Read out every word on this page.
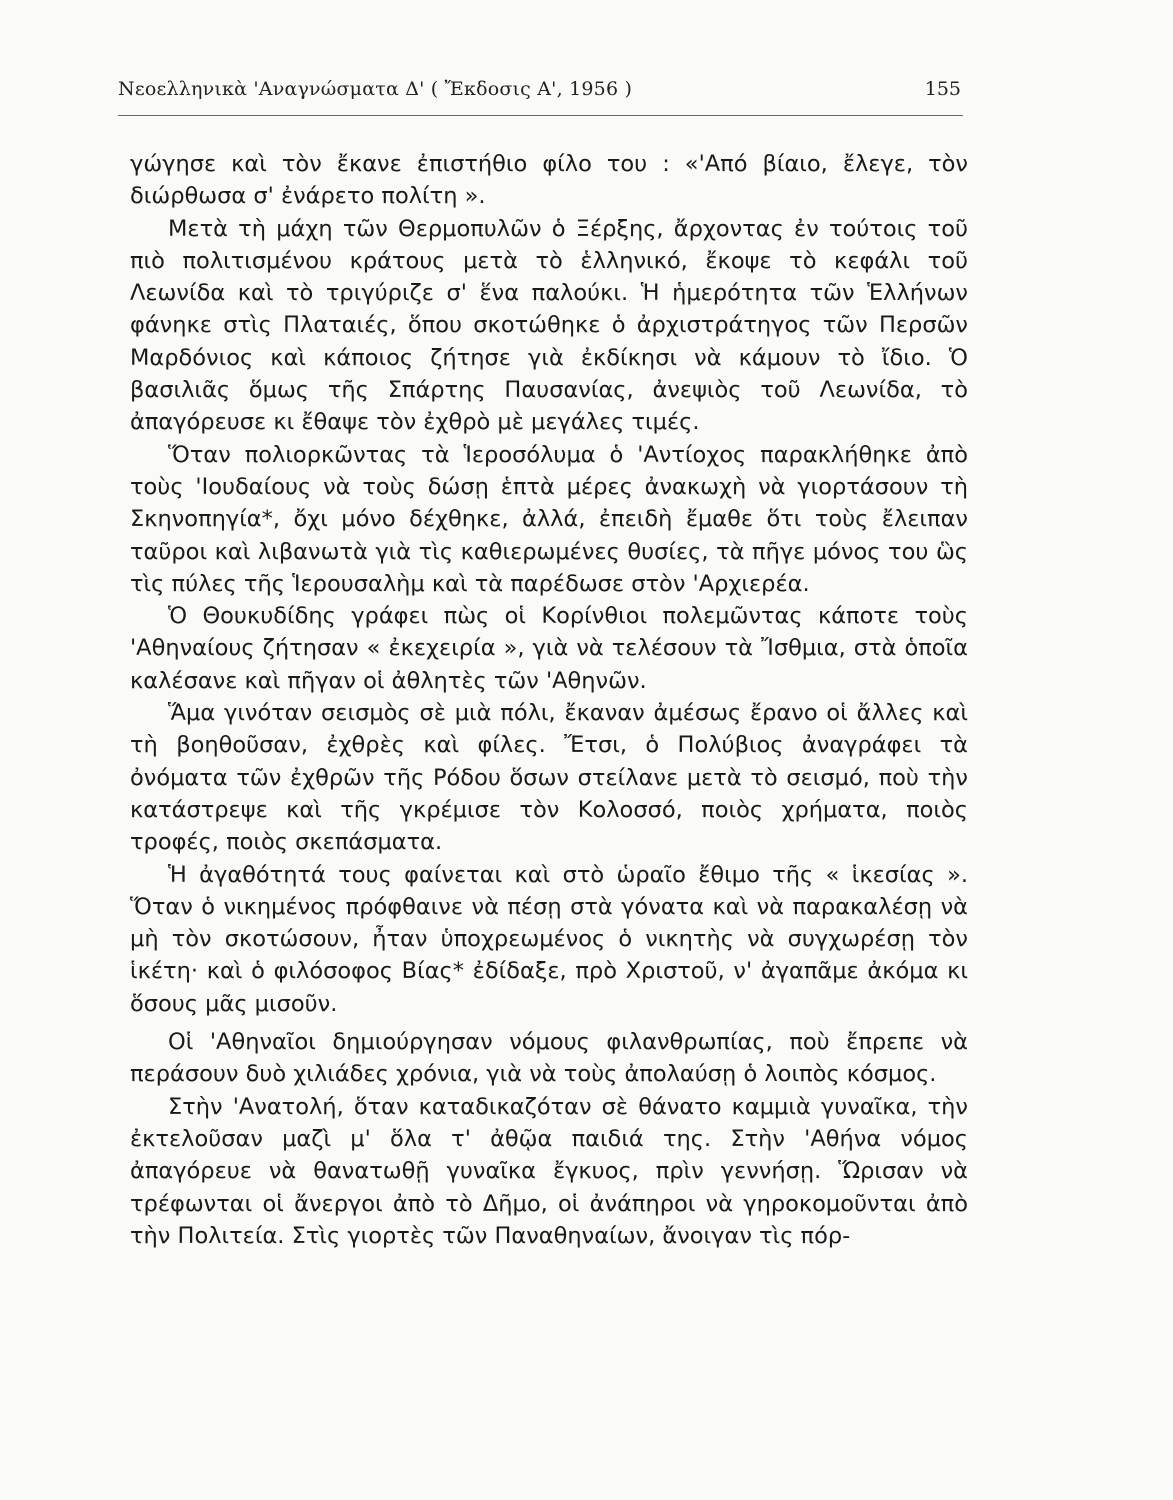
Νεοελληνικὰ 'Αναγνώσματα Δ' ( Ἔκδοσις Α', 1956 )	155

γώγησε καὶ τὸν ἔκανε ἐπιστήθιο φίλο του : «'Από βίαιο, ἔλεγε, τὸν διώρθωσα σ' ἐνάρετο πολίτη ».

Μετὰ τὴ μάχη τῶν Θερμοπυλῶν ὁ Ξέρξης, ἄρχοντας ἐν τούτοις τοῦ πιὸ πολιτισμένου κράτους μετὰ τὸ ἑλληνικό, ἔκοψε τὸ κεφάλι τοῦ Λεωνίδα καὶ τὸ τριγύριζε σ' ἕνα παλούκι. Ἡ ἡμερότητα τῶν Ἑλλήνων φάνηκε στὶς Πλαταιές, ὅπου σκοτώθηκε ὁ ἀρχιστράτηγος τῶν Περσῶν Μαρδόνιος καὶ κάποιος ζήτησε γιὰ ἐκδίκησι νὰ κάμουν τὸ ἴδιο. Ὁ βασιλιᾶς ὅμως τῆς Σπάρτης Παυσανίας, ἀνεψιὸς τοῦ Λεωνίδα, τὸ ἀπαγόρευσε κι ἔθαψε τὸν ἐχθρὸ μὲ μεγάλες τιμές.

Ὅταν πολιορκῶντας τὰ Ἱεροσόλυμα ὁ 'Αντίοχος παρακλήθηκε ἀπὸ τοὺς 'Ιουδαίους νὰ τοὺς δώσῃ ἑπτὰ μέρες ἀνακωχὴ νὰ γιορτάσουν τὴ Σκηνοπηγία*, ὄχι μόνο δέχθηκε, ἀλλά, ἐπειδὴ ἔμαθε ὅτι τοὺς ἔλειπαν ταῦροι καὶ λιβανωτὰ γιὰ τὶς καθιερωμένες θυσίες, τὰ πῆγε μόνος του ὣς τὶς πύλες τῆς Ἱερουσαλὴμ καὶ τὰ παρέδωσε στὸν 'Αρχιερέα.

Ὁ Θουκυδίδης γράφει πὼς οἱ Κορίνθιοι πολεμῶντας κάποτε τοὺς 'Αθηναίους ζήτησαν « ἐκεχειρία », γιὰ νὰ τελέσουν τὰ Ἴσθμια, στὰ ὁποῖα καλέσανε καὶ πῆγαν οἱ ἀθλητὲς τῶν 'Αθηνῶν.

Ἅμα γινόταν σεισμὸς σὲ μιὰ πόλι, ἔκαναν ἀμέσως ἔρανο οἱ ἄλλες καὶ τὴ βοηθοῦσαν, ἐχθρὲς καὶ φίλες. Ἔτσι, ὁ Πολύβιος ἀναγράφει τὰ ὀνόματα τῶν ἐχθρῶν τῆς Ρόδου ὅσων στείλανε μετὰ τὸ σεισμό, ποὺ τὴν κατάστρεψε καὶ τῆς γκρέμισε τὸν Κολοσσό, ποιὸς χρήματα, ποιὸς τροφές, ποιὸς σκεπάσματα.

Ἡ ἀγαθότητά τους φαίνεται καὶ στὸ ὡραῖο ἔθιμο τῆς « ἱκεσίας ». Ὅταν ὁ νικημένος πρόφθαινε νὰ πέσῃ στὰ γόνατα καὶ νὰ παρακαλέσῃ νὰ μὴ τὸν σκοτώσουν, ἦταν ὑποχρεωμένος ὁ νικητὴς νὰ συγχωρέσῃ τὸν ἱκέτη· καὶ ὁ φιλόσοφος Βίας* ἐδίδαξε, πρὸ Χριστοῦ, ν' ἀγαπᾶμε ἀκόμα κι ὅσους μᾶς μισοῦν.

Οἱ 'Αθηναῖοι δημιούργησαν νόμους φιλανθρωπίας, ποὺ ἔπρεπε νὰ περάσουν δυὸ χιλιάδες χρόνια, γιὰ νὰ τοὺς ἀπολαύσῃ ὁ λοιπὸς κόσμος.

Στὴν 'Ανατολή, ὅταν καταδικαζόταν σὲ θάνατο καμμιὰ γυναῖκα, τὴν ἐκτελοῦσαν μαζὶ μ' ὅλα τ' ἀθῷα παιδιά της. Στὴν 'Αθήνα νόμος ἀπαγόρευε νὰ θανατωθῇ γυναῖκα ἔγκυος, πρὶν γεννήσῃ. Ὥρισαν νὰ τρέφωνται οἱ ἄνεργοι ἀπὸ τὸ Δῆμο, οἱ ἀνάπηροι νὰ γηροκομοῦνται ἀπὸ τὴν Πολιτεία. Στὶς γιορτὲς τῶν Παναθηναίων, ἄνοιγαν τὶς πόρ-
